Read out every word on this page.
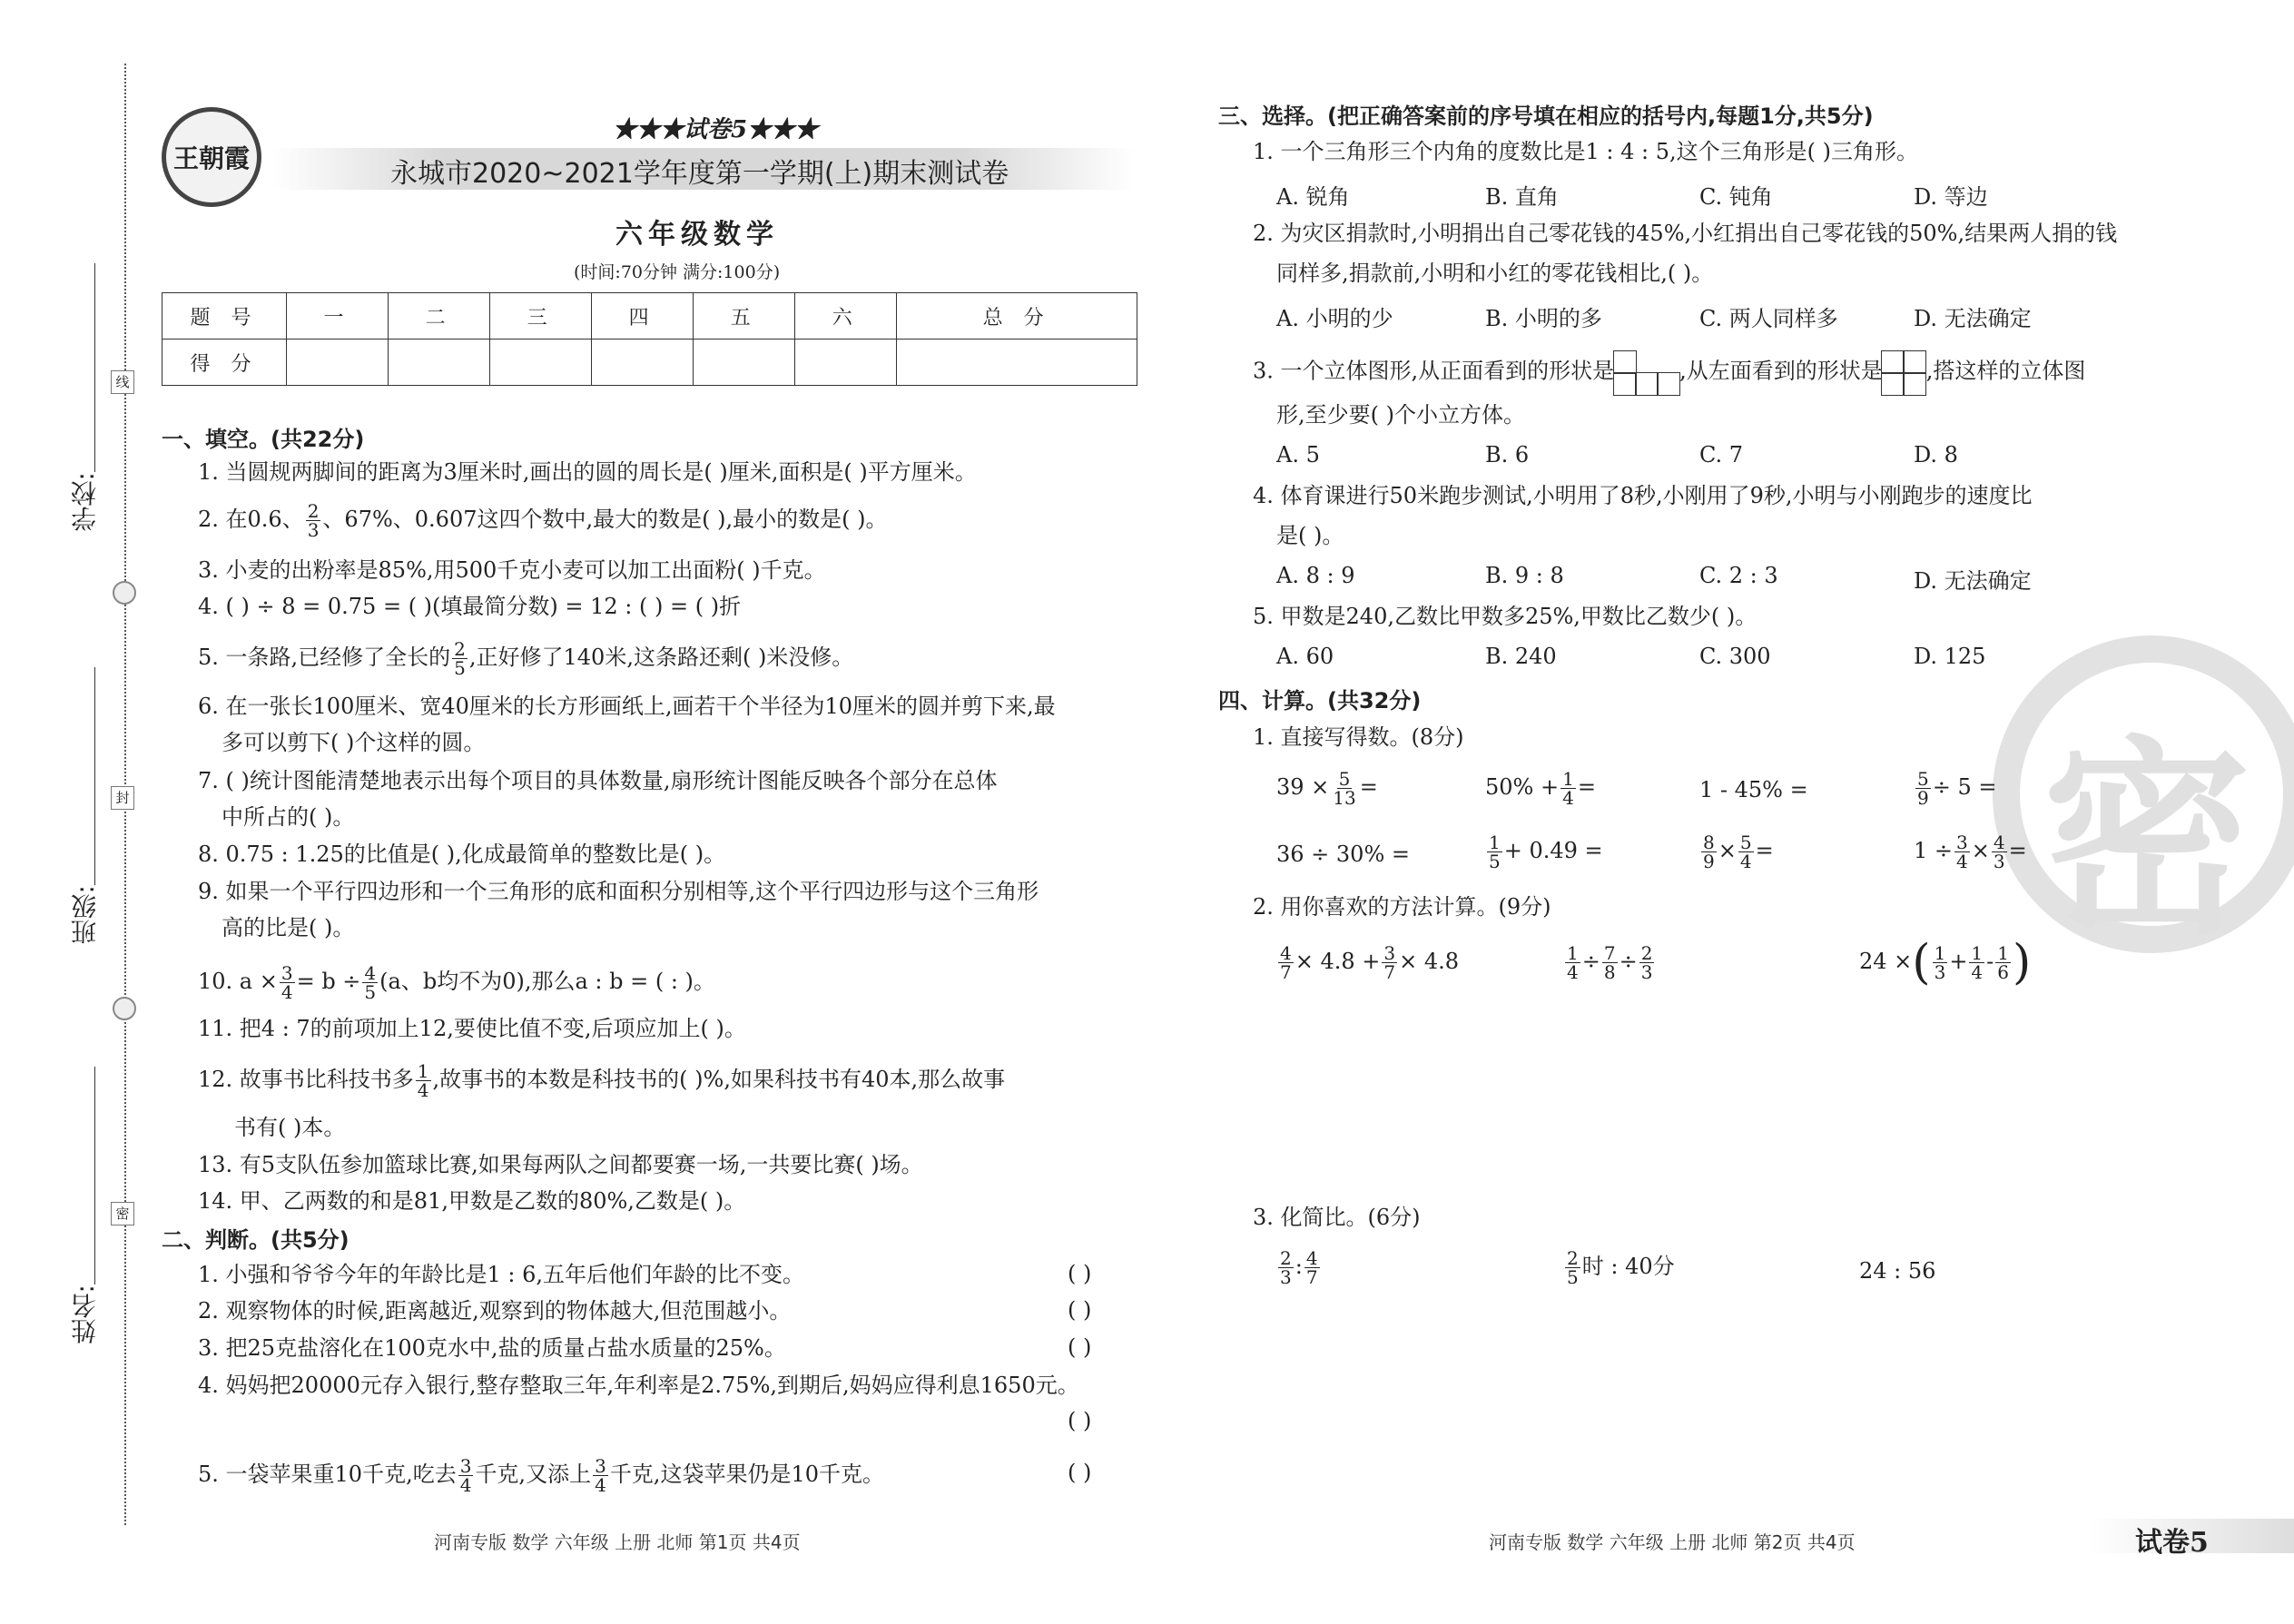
密
学校:
班级:
姓名:
线
封
密
王朝霞
★★★试卷5★★★
永城市2020~2021学年度第一学期(上)期末测试卷
六年级数学
(时间:70分钟 满分:100分)
题 号	一	二	三	四	五	六	总 分
得 分							
一、填空。(共22分)
1. 当圆规两脚间的距离为3厘米时,画出的圆的周长是( )厘米,面积是( )平方厘米。
2. 在0.6、 $\frac{2}{3}$ 、67%、0.607这四个数中,最大的数是( ),最小的数是( )。
3. 小麦的出粉率是85%,用500千克小麦可以加工出面粉( )千克。
4. ( ) ÷ 8 = 0.75 = ( )(填最简分数) = 12 : ( ) = ( )折
5. 一条路,已经修了全长的 $\frac{2}{5}$ ,正好修了140米,这条路还剩( )米没修。
6. 在一张长100厘米、宽40厘米的长方形画纸上,画若干个半径为10厘米的圆并剪下来,最
多可以剪下( )个这样的圆。
7. ( )统计图能清楚地表示出每个项目的具体数量,扇形统计图能反映各个部分在总体
中所占的( )。
8. 0.75 : 1.25的比值是( ),化成最简单的整数比是( )。
9. 如果一个平行四边形和一个三角形的底和面积分别相等,这个平行四边形与这个三角形
高的比是( )。
10. $a \times \frac{3}{4} = b \div \frac{4}{5} (a$、b均不为0),那么a : b = ( : )。
11. 把4 : 7的前项加上12,要使比值不变,后项应加上( )。
12. 故事书比科技书多 $\frac{1}{4}$ ,故事书的本数是科技书的( )%,如果科技书有40本,那么故事
书有( )本。
13. 有5支队伍参加篮球比赛,如果每两队之间都要赛一场,一共要比赛( )场。
14. 甲、乙两数的和是81,甲数是乙数的80%,乙数是( )。
二、判断。(共5分)
1. 小强和爷爷今年的年龄比是1 : 6,五年后他们年龄的比不变。	( )
2. 观察物体的时候,距离越近,观察到的物体越大,但范围越小。	( )
3. 把25克盐溶化在100克水中,盐的质量占盐水质量的25%。	( )
4. 妈妈把20000元存入银行,整存整取三年,年利率是2.75%,到期后,妈妈应得利息1650元。
( )
5. 一袋苹果重10千克,吃去 $\frac{3}{4}$ 千克,又添上 $\frac{3}{4}$ 千克,这袋苹果仍是10千克。	( )
三、选择。(把正确答案前的序号填在相应的括号内,每题1分,共5分)
1. 一个三角形三个内角的度数比是1 : 4 : 5,这个三角形是( )三角形。
A. 锐角	B. 直角	C. 钝角	D. 等边
2. 为灾区捐款时,小明捐出自己零花钱的45%,小红捐出自己零花钱的50%,结果两人捐的钱
同样多,捐款前,小明和小红的零花钱相比,( )。
A. 小明的少	B. 小明的多	C. 两人同样多	D. 无法确定
3. 一个立体图形,从正面看到的形状是	,从左面看到的形状是 ,搭这样的立体图
形,至少要( )个小立方体。
A. 5	B. 6	C. 7	D. 8
4. 体育课进行50米跑步测试,小明用了8秒,小刚用了9秒,小明与小刚跑步的速度比
是( )。
A. 8 : 9	B. 9 : 8	C. 2 : 3	D. 无法确定
5. 甲数是240,乙数比甲数多25%,甲数比乙数少( )。
A. 60	B. 240	C. 300	D. 125
四、计算。(共32分)
1. 直接写得数。(8分)
$39 \times \frac{5}{13}$ =	$50\% + \frac{1}{4}$ =	1 - 45% =	$\frac{5}{9} \div 5$ =
36 ÷ 30% =	$\frac{1}{5} + 0.49$ =	$\frac{8}{9} \times \frac{5}{4}$ =	$1 \div \frac{3}{4} \times \frac{4}{3}$ =
2. 用你喜欢的方法计算。(9分)
$\frac{4}{7} \times 4.8 + \frac{3}{7} \times 4.8$	$\frac{1}{4} \div \frac{7}{8} \div \frac{2}{3}$	24 ×( $\frac{1}{3} + \frac{1}{4} - \frac{1}{6}$ )
3. 化简比。(6分)
$\frac{2}{3}$ : $\frac{4}{7}$	$\frac{2}{5}$ 时 : 40分	24 : 56
河南专版 数学 六年级 上册 北师 第1页 共4页	河南专版 数学 六年级 上册 北师 第2页 共4页	试卷5
